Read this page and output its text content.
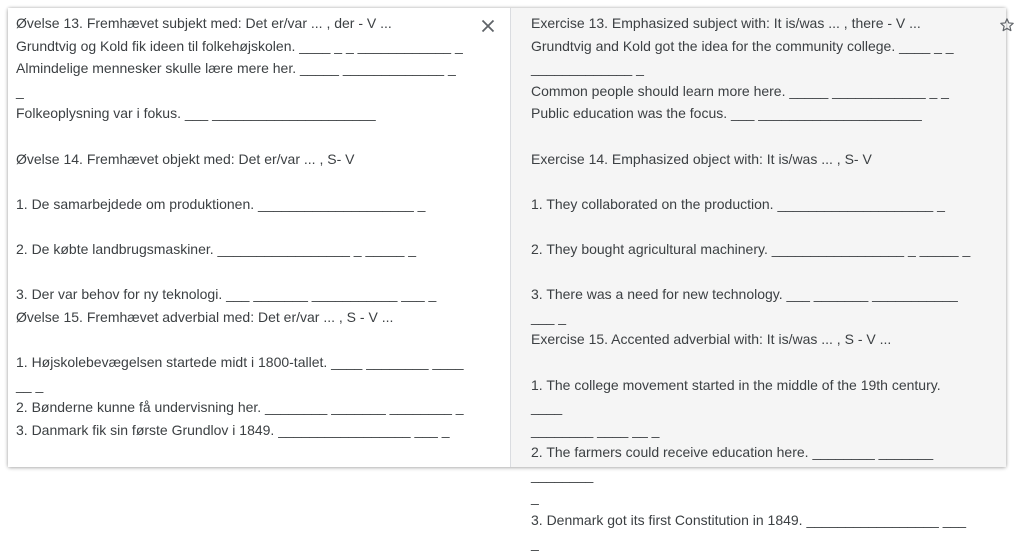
Øvelse 13. Fremhævet subjekt med: Det er/var ... , der - V ...
Grundtvig og Kold fik ideen til folkehøjskolen. ____ _ _ ____________ _
Almindelige mennesker skulle lære mere her. _____ _____________ _ _
Folkeoplysning var i fokus. ___ _____________________

Øvelse 14. Fremhævet objekt med: Det er/var ... , S- V

1. De samarbejdede om produktionen. ____________________ _

2. De købte landbrugsmaskiner. _________________ _ _____ _

3. Der var behov for ny teknologi. ___ _______ ___________ ___ _
Øvelse 15. Fremhævet adverbial med: Det er/var ... , S - V ...

1. Højskolebevægelsen startede midt i 1800-tallet. ____ ________ ____
__ _
2. Bønderne kunne få undervisning her. ________ _______ ________ _
3. Danmark fik sin første Grundlov i 1849. _________________ ___ _
Exercise 13. Emphasized subject with: It is/was ... , there - V ...
Grundtvig and Kold got the idea for the community college. ____ _ _
_____________ _
Common people should learn more here. _____ ____________ _ _
Public education was the focus. ___ _____________________

Exercise 14. Emphasized object with: It is/was ... , S- V

1. They collaborated on the production. ____________________ _

2. They bought agricultural machinery. _________________ _ _____ _

3. There was a need for new technology. ___ _______ ___________ ___ _
Exercise 15. Accented adverbial with: It is/was ... , S - V ...

1. The college movement started in the middle of the 19th century. ____
________ ____ __ _
2. The farmers could receive education here. ________ _______ ________
_
3. Denmark got its first Constitution in 1849. _________________ ___ _
